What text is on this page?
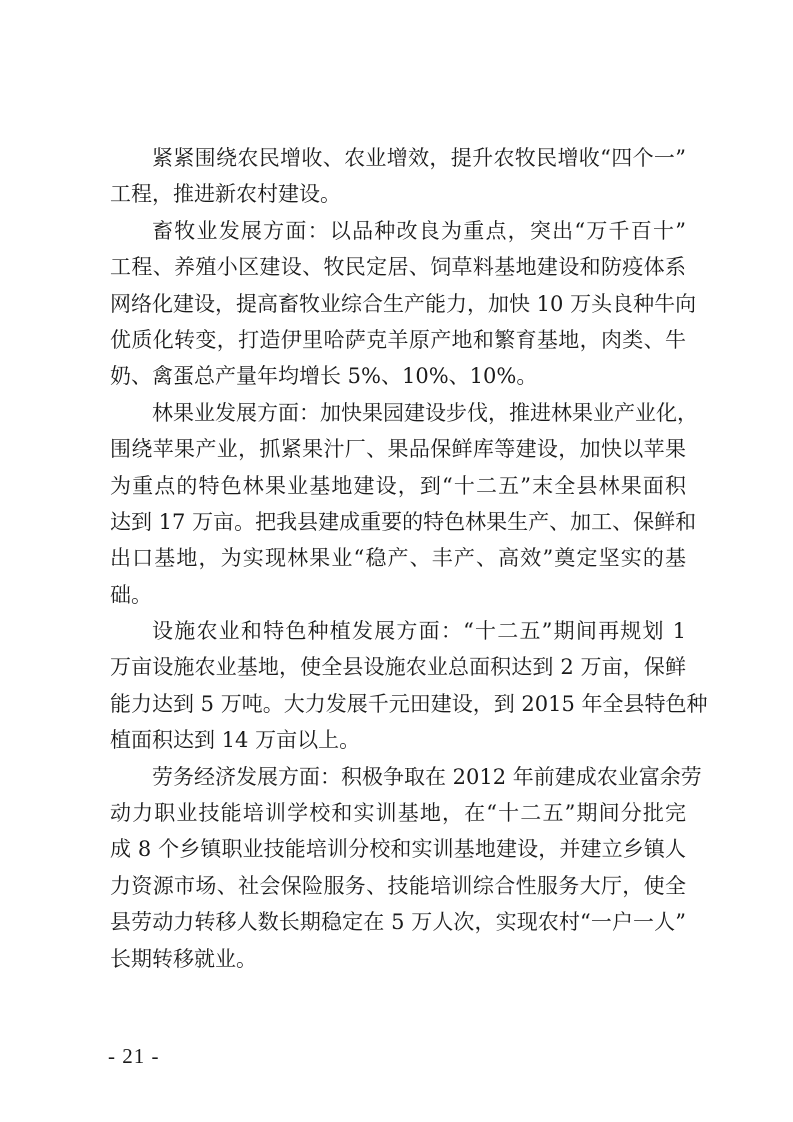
紧紧围绕农民增收、农业增效，提升农牧民增收“四个一”
工程，推进新农村建设。
畜牧业发展方面：以品种改良为重点，突出“万千百十”
工程、养殖小区建设、牧民定居、饲草料基地建设和防疫体系
网络化建设，提高畜牧业综合生产能力，加快 10 万头良种牛向
优质化转变，打造伊里哈萨克羊原产地和繁育基地，肉类、牛
奶、禽蛋总产量年均增长 5%、10%、10%。
林果业发展方面：加快果园建设步伐，推进林果业产业化，
围绕苹果产业，抓紧果汁厂、果品保鲜库等建设，加快以苹果
为重点的特色林果业基地建设，到“十二五”末全县林果面积
达到 17 万亩。把我县建成重要的特色林果生产、加工、保鲜和
出口基地，为实现林果业“稳产、丰产、高效”奠定坚实的基
础。
设施农业和特色种植发展方面：“十二五”期间再规划 1
万亩设施农业基地，使全县设施农业总面积达到 2 万亩，保鲜
能力达到 5 万吨。大力发展千元田建设，到 2015 年全县特色种
植面积达到 14 万亩以上。
劳务经济发展方面：积极争取在 2012 年前建成农业富余劳
动力职业技能培训学校和实训基地，在“十二五”期间分批完
成 8 个乡镇职业技能培训分校和实训基地建设，并建立乡镇人
力资源市场、社会保险服务、技能培训综合性服务大厅，使全
县劳动力转移人数长期稳定在 5 万人次，实现农村“一户一人”
长期转移就业。
- 21 -
